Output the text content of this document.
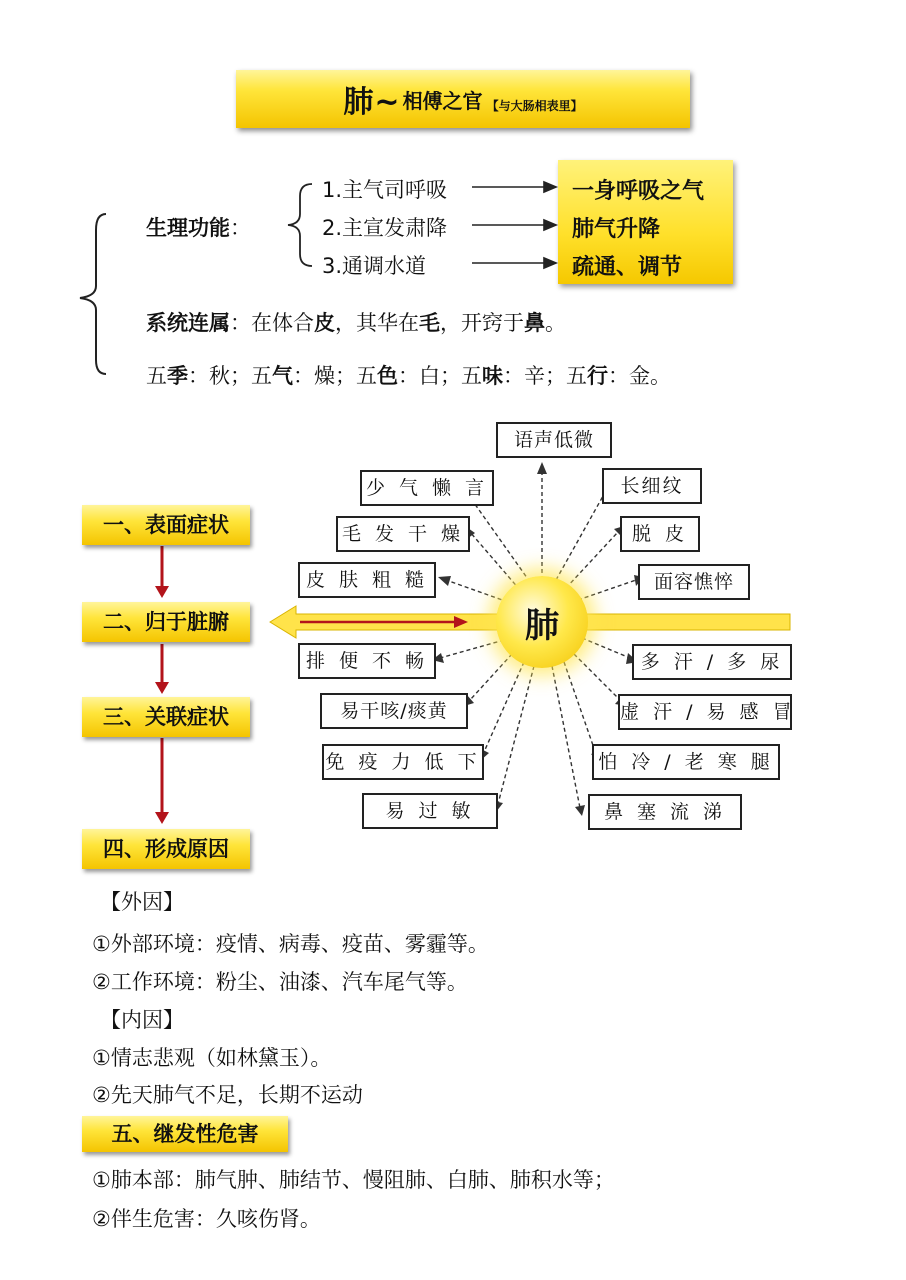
肺~ 相傅之官 【与大肠相表里】
生理功能：
1.主气司呼吸
2.主宣发肃降
3.通调水道
一身呼吸之气
肺气升降
疏通、调节
系统连属：在体合皮，其华在毛，开窍于鼻。
五季：秋；五气：燥；五色：白；五味：辛；五行：金。
肺
一、表面症状
二、归于脏腑
三、关联症状
四、形成原因
语声低微
少 气 懒 言
毛 发 干 燥
皮 肤 粗 糙
排 便 不 畅
易干咳/痰黄
免 疫 力 低 下
易 过 敏
长细纹
脱 皮
面容憔悴
多 汗 / 多 尿
虚 汗 / 易 感 冒
怕 冷 / 老 寒 腿
鼻 塞 流 涕
【外因】
①外部环境：疫情、病毒、疫苗、雾霾等。
②工作环境：粉尘、油漆、汽车尾气等。
【内因】
①情志悲观（如林黛玉）。
②先天肺气不足，长期不运动
五、继发性危害
①肺本部：肺气肿、肺结节、慢阻肺、白肺、肺积水等；
②伴生危害：久咳伤肾。
